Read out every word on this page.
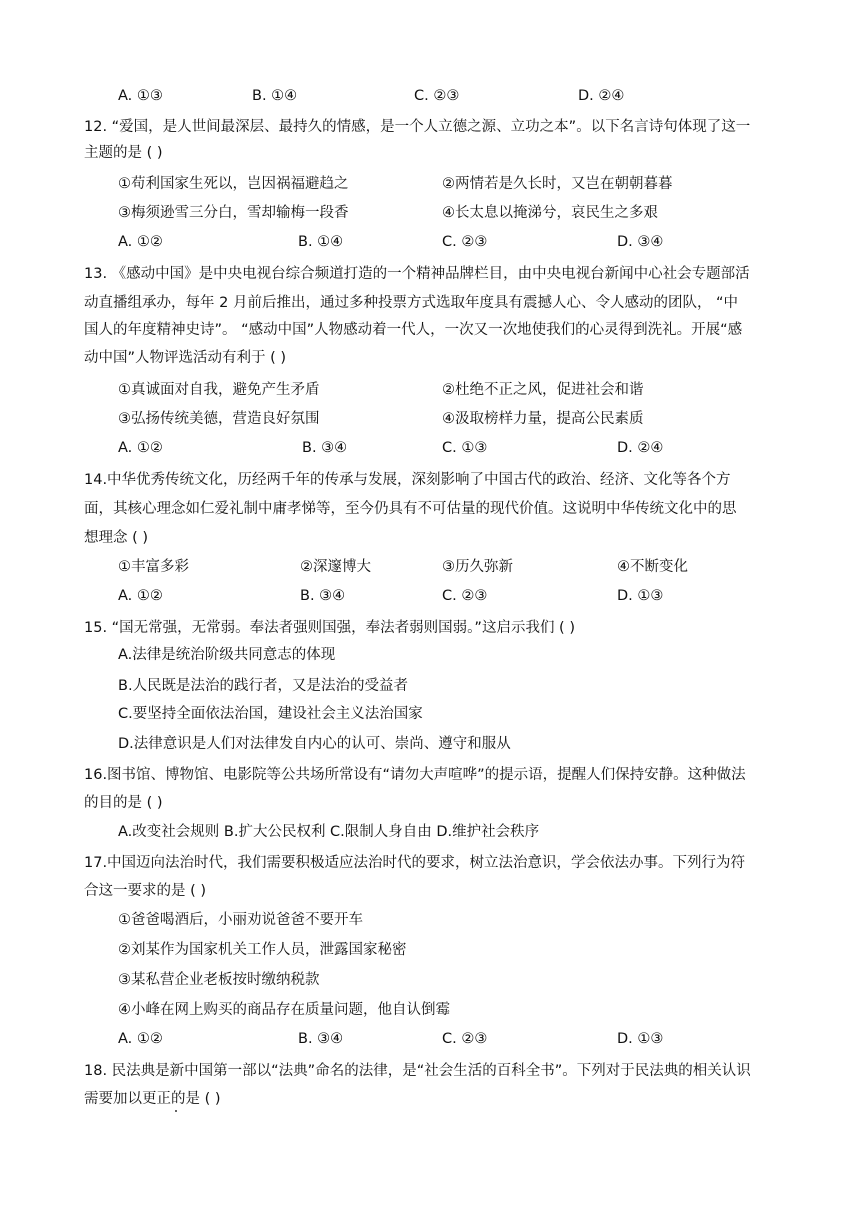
A. ①③	B. ①④	C. ②③	D. ②④
12. “爱国，是人世间最深层、最持久的情感，是一个人立德之源、立功之本”。以下名言诗句体现了这一
主题的是 ( )
①苟利国家生死以，岂因祸福避趋之	②两情若是久长时，又岂在朝朝暮暮
③梅须逊雪三分白，雪却输梅一段香	④长太息以掩涕兮，哀民生之多艰
A. ①②	B. ①④	C. ②③	D. ③④
13. 《感动中国》是中央电视台综合频道打造的一个精神品牌栏目，由中央电视台新闻中心社会专题部活
动直播组承办，每年 2 月前后推出，通过多种投票方式选取年度具有震撼人心、令人感动的团队， “中
国人的年度精神史诗”。 “感动中国”人物感动着一代人，一次又一次地使我们的心灵得到洗礼。开展“感
动中国”人物评选活动有利于 ( )
①真诚面对自我，避免产生矛盾	②杜绝不正之风，促进社会和谐
③弘扬传统美德，营造良好氛围	④汲取榜样力量，提高公民素质
A. ①②	B. ③④	C. ①③	D. ②④
14.中华优秀传统文化，历经两千年的传承与发展，深刻影响了中国古代的政治、经济、文化等各个方
面，其核心理念如仁爱礼制中庸孝悌等，至今仍具有不可估量的现代价值。这说明中华传统文化中的思
想理念 ( )
①丰富多彩	②深邃博大	③历久弥新	④不断变化
A. ①②	B. ③④	C. ②③	D. ①③
15. “国无常强，无常弱。奉法者强则国强，奉法者弱则国弱。”这启示我们 ( )
A.法律是统治阶级共同意志的体现
B.人民既是法治的践行者，又是法治的受益者
C.要坚持全面依法治国，建设社会主义法治国家
D.法律意识是人们对法律发自内心的认可、崇尚、遵守和服从
16.图书馆、博物馆、电影院等公共场所常设有“请勿大声喧哗”的提示语，提醒人们保持安静。这种做法
的目的是 ( )
A.改变社会规则 B.扩大公民权利 C.限制人身自由 D.维护社会秩序
17.中国迈向法治时代，我们需要积极适应法治时代的要求，树立法治意识，学会依法办事。下列行为符
合这一要求的是 ( )
①爸爸喝酒后，小丽劝说爸爸不要开车
②刘某作为国家机关工作人员，泄露国家秘密
③某私营企业老板按时缴纳税款
④小峰在网上购买的商品存在质量问题，他自认倒霉
A. ①②	B. ③④	C. ②③	D. ①③
18. 民法典是新中国第一部以“法典”命名的法律，是“社会生活的百科全书”。下列对于民法典的相关认识
需要加以更正的是 ( )
